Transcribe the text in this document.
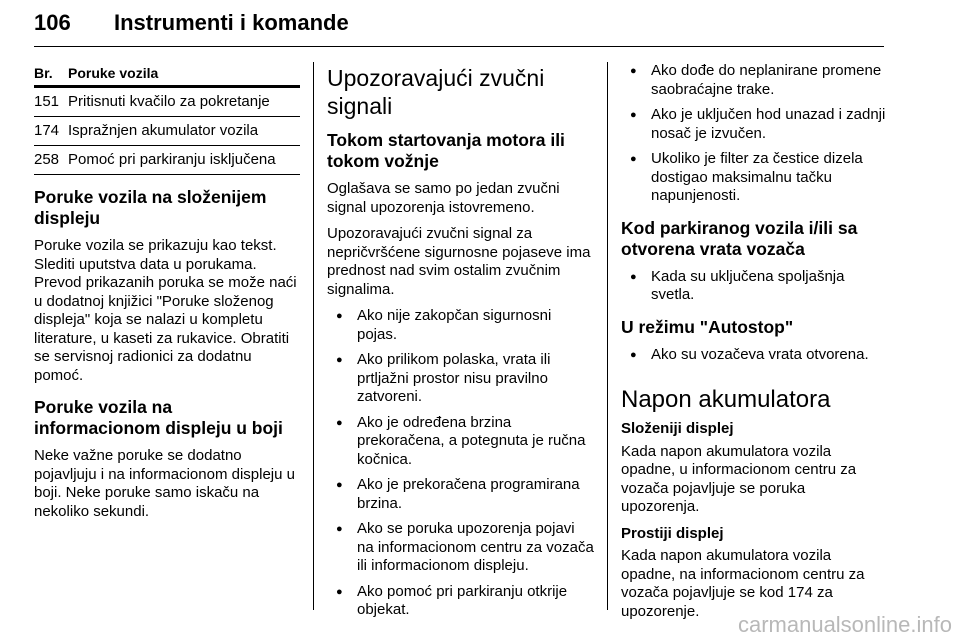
106 Instrumenti i komande
Br.	Poruke vozila
151	Pritisnuti kvačilo za pokretanje
174	Ispražnjen akumulator vozila
258	Pomoć pri parkiranju isključena
Poruke vozila na složenijem displeju

Poruke vozila se prikazuju kao tekst. Slediti uputstva data u porukama. Prevod prikazanih poruka se može naći u dodatnoj knjižici "Poruke složenog displeja" koja se nalazi u kompletu literature, u kaseti za rukavice. Obratiti se servisnoj radionici za dodatnu pomoć.

Poruke vozila na informacionom displeju u boji

Neke važne poruke se dodatno pojavljuju i na informacionom displeju u boji. Neke poruke samo iskaču na nekoliko sekundi.

Upozoravajući zvučni signali
Tokom startovanja motora ili tokom vožnje

Oglašava se samo po jedan zvučni signal upozorenja istovremeno.

Upozoravajući zvučni signal za nepričvršćene sigurnosne pojaseve ima prednost nad svim ostalim zvučnim signalima.

● Ako nije zakopčan sigurnosni pojas.
● Ako prilikom polaska, vrata ili prtljažni prostor nisu pravilno zatvoreni.
● Ako je određena brzina prekoračena, a potegnuta je ručna kočnica.
● Ako je prekoračena programirana brzina.
● Ako se poruka upozorenja pojavi na informacionom centru za vozača ili informacionom displeju.
● Ako pomoć pri parkiranju otkrije objekat.
● Ako dođe do neplanirane promene saobraćajne trake.
● Ako je uključen hod unazad i zadnji nosač je izvučen.
● Ukoliko je filter za čestice dizela dostigao maksimalnu tačku napunjenosti.
Kod parkiranog vozila i/ili sa otvorena vrata vozača
● Kada su uključena spoljašnja svetla.
U režimu "Autostop"
● Ako su vozačeva vrata otvorena.
Napon akumulatora
Složeniji displej

Kada napon akumulatora vozila opadne, u informacionom centru za vozača pojavljuje se poruka upozorenja.

Prostiji displej

Kada napon akumulatora vozila opadne, na informacionom centru za vozača pojavljuje se kod 174 za upozorenje.

carmanualsonline.info
